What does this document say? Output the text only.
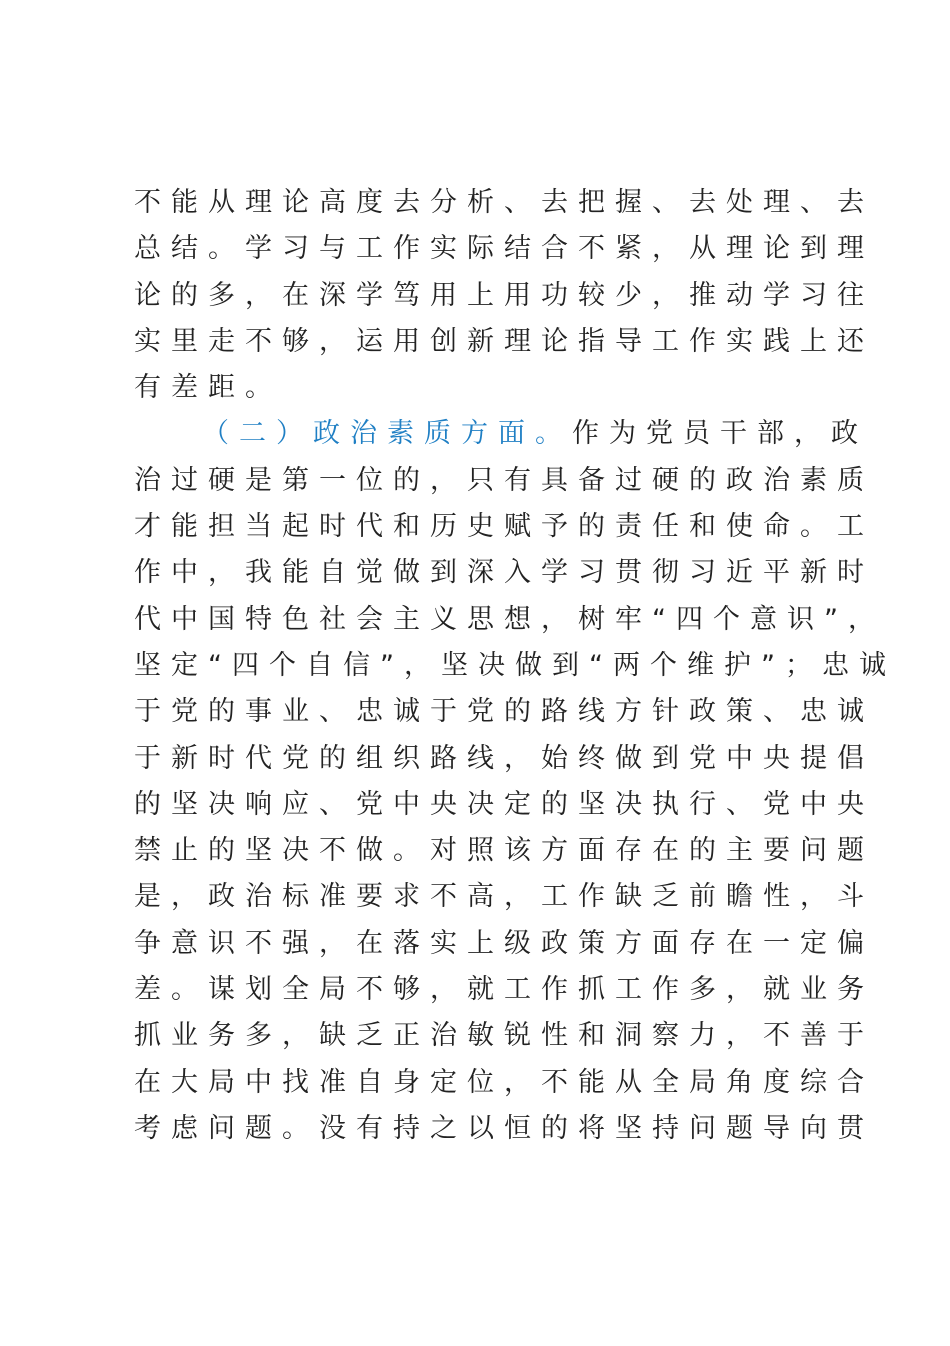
不能从理论高度去分析、去把握、去处理、去
总结。学习与工作实际结合不紧，从理论到理
论的多，在深学笃用上用功较少，推动学习往
实里走不够，运用创新理论指导工作实践上还
有差距。
（二）政治素质方面。作为党员干部，政
治过硬是第一位的，只有具备过硬的政治素质
才能担当起时代和历史赋予的责任和使命。工
作中，我能自觉做到深入学习贯彻习近平新时
代中国特色社会主义思想，树牢“四个意识”，
坚定“四个自信”，坚决做到“两个维护”；忠诚
于党的事业、忠诚于党的路线方针政策、忠诚
于新时代党的组织路线，始终做到党中央提倡
的坚决响应、党中央决定的坚决执行、党中央
禁止的坚决不做。对照该方面存在的主要问题
是，政治标准要求不高，工作缺乏前瞻性，斗
争意识不强，在落实上级政策方面存在一定偏
差。谋划全局不够，就工作抓工作多，就业务
抓业务多，缺乏正治敏锐性和洞察力，不善于
在大局中找准自身定位，不能从全局角度综合
考虑问题。没有持之以恒的将坚持问题导向贯
